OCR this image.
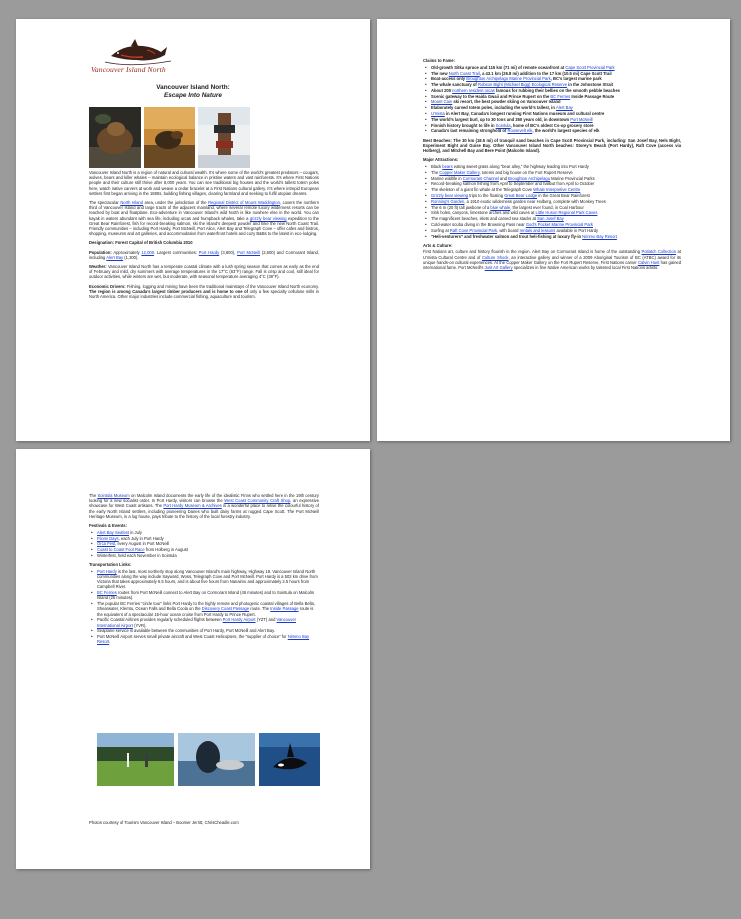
Vancouver Island North
Vancouver Island North:
Escape Into Nature

Vancouver Island North is a region of natural and cultural wealth. It’s where some of the world’s greatest predators – cougars, wolves, bears and killer whales – maintain ecological balance in pristine waters and vast rainforests. It’s where First Nations people and their culture still thrive after 8,000 years. You can see traditional big houses and the world’s tallest totem poles here, watch native carvers at work and weave a cedar bracelet at a First Nations cultural gallery. It’s where intrepid European settlers first began arriving in the 1880s, building fishing villages, clearing farmland and seeking to fulfil utopian dreams.

The spectacular North Island area, under the jurisdiction of the Regional District of Mount Waddington, covers the northern third of Vancouver Island and large tracts of the adjacent mainland, where several remote luxury wilderness resorts can be reached by boat and floatplane. Eco-adventure in Vancouver Island’s wild North is like nowhere else in the world. You can kayak in waters abundant with sea life, including orcas and humpback whales, take a grizzly bear viewing expedition to the Great Bear Rainforest, fish for record-breaking salmon, ski the island’s deepest powder and hike the new North Coast Trail. Friendly communities – including Port Hardy, Port McNeill, Port Alice, Alert Bay and Telegraph Cove – offer cafes and bistros, shopping, museums and art galleries, and accommodation from waterfront hotels and cozy B&Bs to the latest in eco-lodging.

Designation: Forest Capital of British Columbia 2010

Population: Approximately 12,000. Largest communities: Port Hardy (3,800), Port McNeill (2,600) and Cormorant Island, including Alert Bay (1,300).

Weather: Vancouver Island North has a temperate coastal climate with a lush spring season that comes as early as the end of February and mild, dry summers with average temperatures in the 17°C (63°F) range. Fall is crisp and cool, still ideal for outdoor activities, while winters are wet, but moderate, with seasonal temperature averaging 4°C (39°F).

Economic Drivers: Fishing, logging and mining have been the traditional mainstays of the Vancouver Island North economy. The region is among Canada’s largest timber producers and is home to one of only a few specialty cellulose mills in North America. Other major industries include commercial fishing, aquaculture and tourism.

Claims to Fame:
• Old-growth Sitka spruce and 115 km (71 mi) of remote oceanfront at Cape Scott Provincial Park
• The new North Coast Trail, a 43.1 km (26.8 mi) addition to the 17 km (10.5 mi) Cape Scott Trail
• Boat-access only Broughton Archipelago Marine Provincial Park, BC’s largest marine park
• The whale sanctuary of Robson Bight (Michael Bigg) Ecological Reserve in the Johnstone Strait
• About 200 northern resident orcas famous for rubbing their bellies on the smooth pebble beaches
• Scenic gateway to the Haida Gwaii and Prince Rupert on the BC Ferries Inside Passage Route
• Mount Cain ski resort, the best powder skiing on Vancouver Island
• Elaborately carved totem poles, including the world’s tallest, in Alert Bay
• U’mista in Alert Bay, Canada’s longest running First Nations museum and cultural centre
• The world’s largest burl, up to 30 tons and 350 years old, in downtown Port McNeill
• Finnish history brought to life in Sointula, home of BC’s oldest Co-op grocery store
• Canada’s last remaining stronghold of Roosevelt elk, the world’s largest species of elk

Best Beaches: The 30 km (18.5 mi) of tranquil sand beaches in Cape Scott Provincial Park, including: San Josef Bay, Nels Bight, Experiment Bight and Guise Bay. Other Vancouver Island North beaches: Storey’s Beach (Port Hardy), Raft Cove (access via Holberg), and Mitchell Bay and Bere Point (Malcolm Island).

Major Attractions:
• Black bears eating sweet grass along “bear alley,” the highway leading into Port Hardy
• The Copper Maker Gallery, totems and big house on the Fort Rupert Reserve
• Marine wildlife in Cormorant Channel and Broughton Archipelago Marine Provincial Parks
• Record-breaking salmon fishing from April to September and halibut from April to October
• The skeleton of a giant fin whale at the Telegraph Cove Whale Interpretive Centre
• Grizzly bear viewing trips to the floating Great Bear Lodge in the Great Bear Rainforest
• Ronning’s Garden, a 1910 exotic wilderness garden near Holberg, complete with Monkey Trees
• The 6 m (20 ft) tall jawbone of a blue whale, the largest ever found, in Coal Harbour
• Sink holes, canyons, limestone arches and wild caves at Little Huson Regional Park Caves
• The magnificent beaches, islets and carved sea stacks at San Josef Bay
• Cold-water scuba diving in the Browning Pass near God’s Pocket Marine Provincial Park
• Surfing at Raft Cove Provincial Park, with board rentals and lessons available in Port Hardy
• “Heli-venturers” and freshwater salmon and trout heli-fishing at luxury fly-in Nimmo Bay Resort
Arts & Culture:

First Nations art, culture and history flourish in the region. Alert Bay on Cormorant Island is home of the outstanding Potlatch Collection at U’mista Cultural Centre and of Culture Shock, an interactive gallery and winner of a 2009 Aboriginal Tourism of BC (ATBC) award for its unique hands-on cultural experiences. At the Copper Maker Gallery on the Fort Rupert Reserve, First Nations carver Calvin Hunt has gained international fame. Port McNeill’s Just Art Gallery specializes in fine Native American works by talented local First Nations artists.

The Sointula Museum on Malcolm Island documents the early life of the idealistic Finns who settled here in the 19th century looking for a new socialist order. In Port Hardy, visitors can browse the West Coast Community Craft Shop, an expressive showcase for West Coast artisans. The Port Hardy Museum & Archives is a wonderful place to relive the colourful history of the early North Island settlers, including pioneering Danes who built dairy farms at rugged Cape Scott. The Port McNeill Heritage Museum, in a log house, pays tribute to the history of the local forestry industry.

Festivals & Events:
• Alert Bay Seafest in July
• Filomi Days, each July in Port Hardy
• Orca Fest, every August in Port McNeill
• Coast to Coast Foot Race from Holberg in August
• Winterfest, held each November in Sointula
Transportation Links:
• Port Hardy is the last, most northerly stop along Vancouver Island’s main highway, Highway 19. Vancouver Island North communities along the way include Sayward, Woss, Telegraph Cove and Port McNeill. Port Hardy is a 502 km drive from Victoria that takes approximately 6.5 hours, and is about five hours from Nanaimo and approximately 2.5 hours from Campbell River.
• BC Ferries routes from Port McNeill connect to Alert Bay on Cormorant Island (45 minutes) and to Sointula on Malcolm Island (25 minutes).
• The popular BC Ferries “circle tour” links Port Hardy to the highly remote and photogenic coastal villages of Bella Bella, Shearwater, Klemtu, Ocean Falls and Bella Coola on the Discovery Coast Passage route. The Inside Passage route is the equivalent of a spectacular 15-hour ocean cruise from Port Hardy to Prince Rupert.
• Pacific Coastal Airlines provides regularly scheduled flights between Port Hardy Airport (YZT) and Vancouver International Airport (YVR).
• Seaplane service is available between the communities of Port Hardy, Port McNeill and Alert Bay.
• Port McNeill Airport serves small private aircraft and West Coast Helicopters, the “supplier of choice” for Nimmo Bay Resort.
Photos courtesy of Tourism Vancouver Island – Boomer Jerritt, ChrisCheadle.com
